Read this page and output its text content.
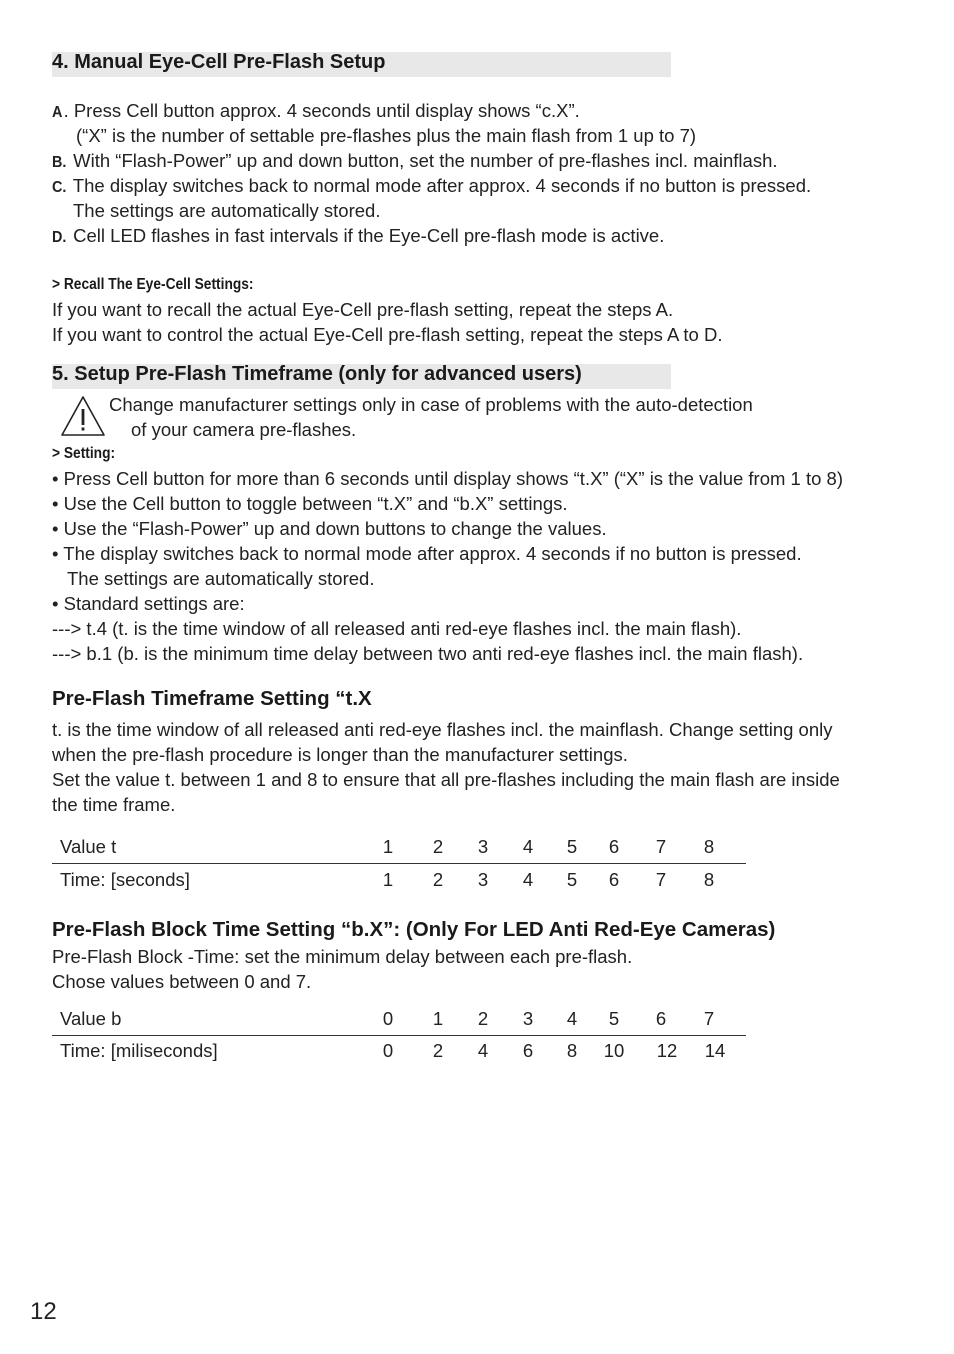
4. Manual Eye-Cell Pre-Flash Setup
A. Press Cell button approx. 4 seconds until display shows “c.X”.
(“X” is the number of settable pre-flashes plus the main flash from 1 up to 7)
B. With “Flash-Power” up and down button, set the number of pre-flashes incl. mainflash.
C. The display switches back to normal mode after approx. 4 seconds if no button is pressed.
The settings are automatically stored.
D. Cell LED flashes in fast intervals if the Eye-Cell pre-flash mode is active.
> Recall The Eye-Cell Settings:
If you want to recall the actual Eye-Cell pre-flash setting, repeat the steps A.
If you want to control the actual Eye-Cell pre-flash setting, repeat the steps A to D.
5. Setup Pre-Flash Timeframe (only for advanced users)
Change manufacturer settings only in case of problems with the auto-detection
of your camera pre-flashes.
> Setting:
• Press Cell button for more than 6 seconds until display shows “t.X” (“X” is the value from 1 to 8)
• Use the Cell button to toggle between “t.X” and “b.X” settings.
• Use the “Flash-Power” up and down buttons to change the values.
• The display switches back to normal mode after approx. 4 seconds if no button is pressed.
The settings are automatically stored.
• Standard settings are:
---> t.4 (t. is the time window of all released anti red-eye flashes incl. the main flash).
---> b.1 (b. is the minimum time delay between two anti red-eye flashes incl. the main flash).
Pre-Flash Timeframe Setting “t.X
t. is the time window of all released anti red-eye flashes incl. the mainflash. Change setting only
when the pre-flash procedure is longer than the manufacturer settings.
Set the value t. between 1 and 8 to ensure that all pre-flashes including the main flash are inside
the time frame.
Value t	1	2	3	4	5	6	7	8
Time: [seconds]	1	2	3	4	5	6	7	8
Pre-Flash Block Time Setting “b.X”: (Only For LED Anti Red-Eye Cameras)
Pre-Flash Block -Time: set the minimum delay between each pre-flash.
Chose values between 0 and 7.
Value b	0	1	2	3	4	5	6	7
Time: [miliseconds]	0	2	4	6	8	10	12	14
12
